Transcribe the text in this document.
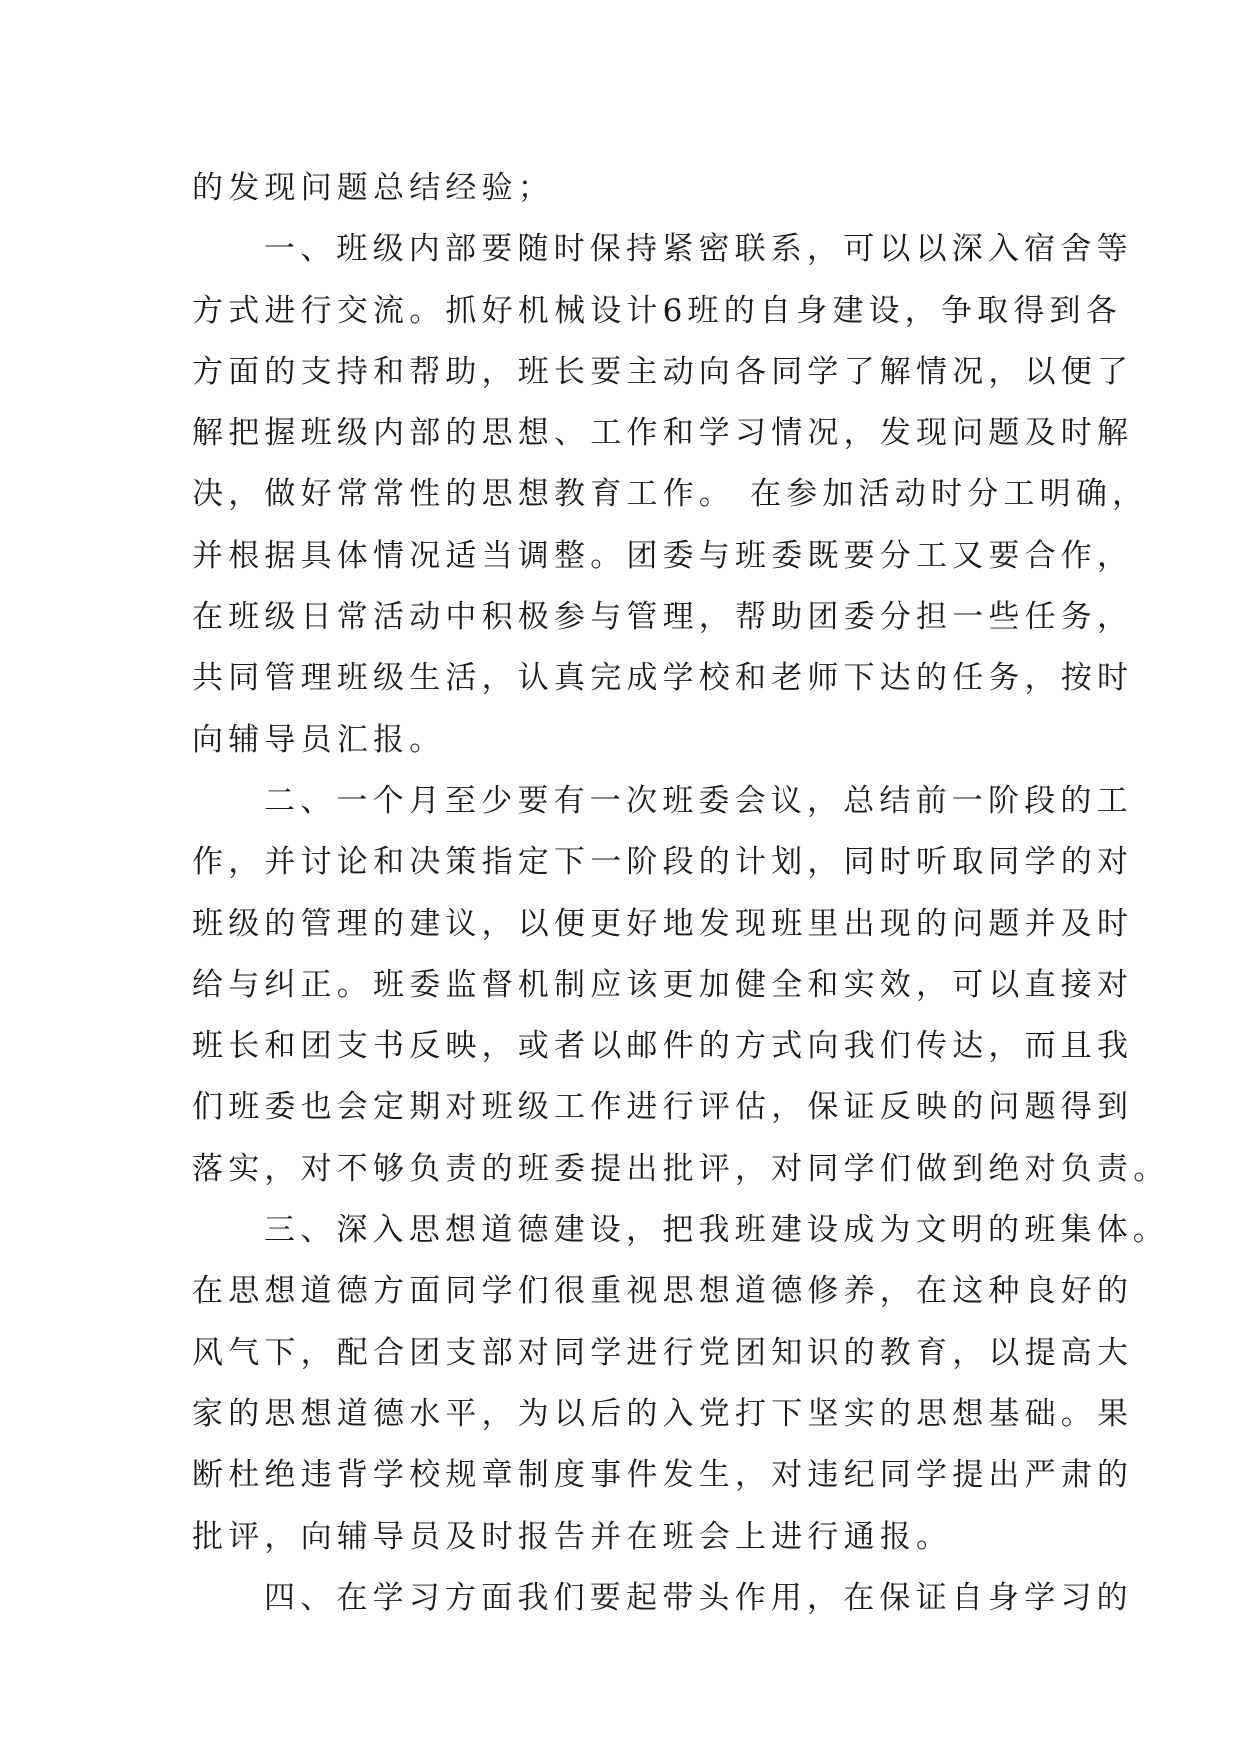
的发现问题总结经验；
一、班级内部要随时保持紧密联系，可以以深入宿舍等
方式进行交流。抓好机械设计6班的自身建设，争取得到各
方面的支持和帮助，班长要主动向各同学了解情况，以便了
解把握班级内部的思想、工作和学习情况，发现问题及时解
决，做好常常性的思想教育工作。 在参加活动时分工明确，
并根据具体情况适当调整。团委与班委既要分工又要合作，
在班级日常活动中积极参与管理，帮助团委分担一些任务，
共同管理班级生活，认真完成学校和老师下达的任务，按时
向辅导员汇报。
二、一个月至少要有一次班委会议，总结前一阶段的工
作，并讨论和决策指定下一阶段的计划，同时听取同学的对
班级的管理的建议，以便更好地发现班里出现的问题并及时
给与纠正。班委监督机制应该更加健全和实效，可以直接对
班长和团支书反映，或者以邮件的方式向我们传达，而且我
们班委也会定期对班级工作进行评估，保证反映的问题得到
落实，对不够负责的班委提出批评，对同学们做到绝对负责。
三、深入思想道德建设，把我班建设成为文明的班集体。
在思想道德方面同学们很重视思想道德修养，在这种良好的
风气下，配合团支部对同学进行党团知识的教育，以提高大
家的思想道德水平，为以后的入党打下坚实的思想基础。果
断杜绝违背学校规章制度事件发生，对违纪同学提出严肃的
批评，向辅导员及时报告并在班会上进行通报。
四、在学习方面我们要起带头作用，在保证自身学习的
